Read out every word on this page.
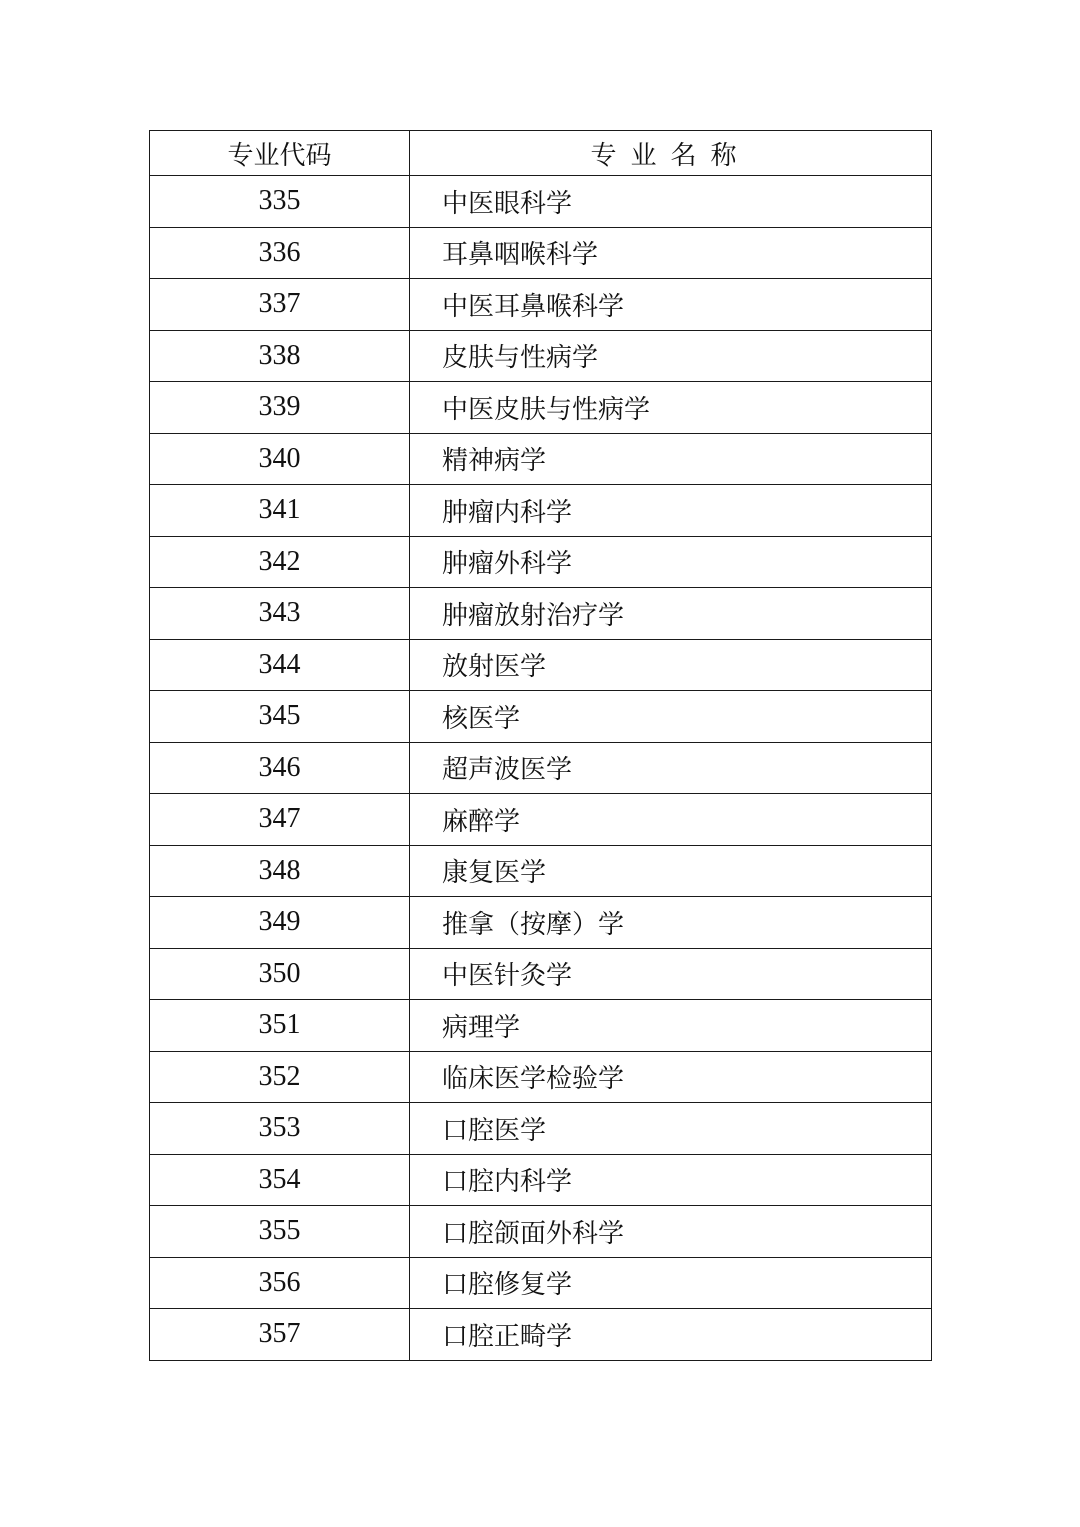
专业代码	专业名称
335	中医眼科学
336	耳鼻咽喉科学
337	中医耳鼻喉科学
338	皮肤与性病学
339	中医皮肤与性病学
340	精神病学
341	肿瘤内科学
342	肿瘤外科学
343	肿瘤放射治疗学
344	放射医学
345	核医学
346	超声波医学
347	麻醉学
348	康复医学
349	推拿（按摩）学
350	中医针灸学
351	病理学
352	临床医学检验学
353	口腔医学
354	口腔内科学
355	口腔颌面外科学
356	口腔修复学
357	口腔正畸学
